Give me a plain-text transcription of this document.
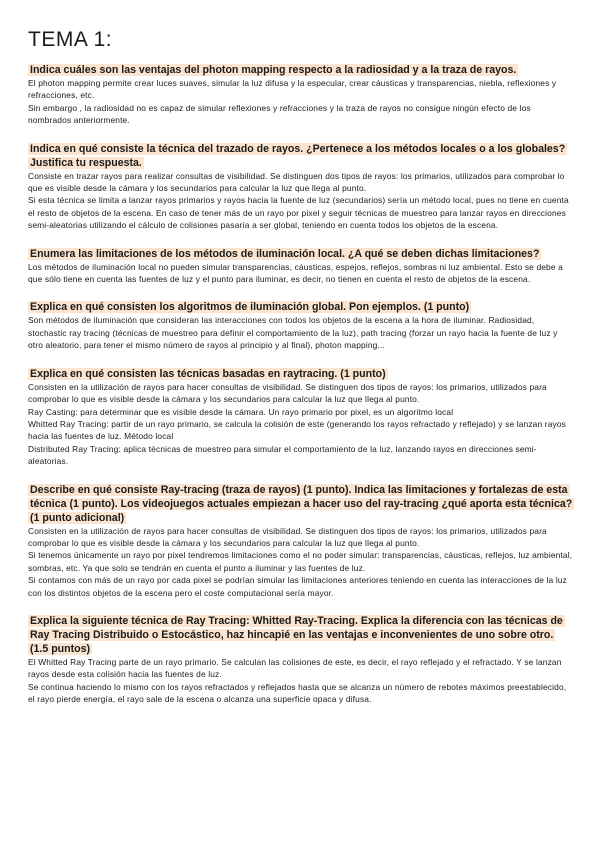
TEMA 1:

Indica cuáles son las ventajas del photon mapping respecto a la radiosidad y a la traza de rayos.

El photon mapping permite crear luces suaves, simular la luz difusa y la especular, crear cáusticas y transparencias, niebla, reflexiones y refracciones, etc.

Sin embargo , la radiosidad no es capaz de simular reflexiones y refracciones y la traza de rayos no consigue ningún efecto de los nombrados anteriormente.

Indica en qué consiste la técnica del trazado de rayos. ¿Pertenece a los métodos locales o a los globales? Justifica tu respuesta.

Consiste en trazar rayos para realizar consultas de visibilidad. Se distinguen dos tipos de rayos: los primarios, utilizados para comprobar lo que es visible desde la cámara y los secundarios para calcular la luz que llega al punto.

Si esta técnica se limita a lanzar rayos primarios y rayos hacia la fuente de luz (secundarios) sería un método local, pues no tiene en cuenta el resto de objetos de la escena. En caso de tener más de un rayo por pixel y seguir técnicas de muestreo para lanzar rayos en direcciones semi-aleatorias utilizando el cálculo de colisiones pasaría a ser global, teniendo en cuenta todos los objetos de la escena.

Enumera las limitaciones de los métodos de iluminación local. ¿A qué se deben dichas limitaciones?

Los métodos de iluminación local no pueden simular transparencias, cáusticas, espejos, reflejos, sombras ni luz ambiental. Esto se debe a que sólo tiene en cuenta las fuentes de luz y el punto para iluminar, es decir, no tienen en cuenta el resto de objetos de la escena.

Explica en qué consisten los algoritmos de iluminación global. Pon ejemplos. (1 punto)

Son métodos de iluminación que consideran las interacciones con todos los objetos de la escena a la hora de iluminar. Radiosidad, stochastic ray tracing (técnicas de muestreo para definir el comportamiento de la luz), path tracing (forzar un rayo hacia la fuente de luz y otro aleatorio, para tener el mismo número de rayos al principio y al final), photon mapping...

Explica en qué consisten las técnicas basadas en raytracing. (1 punto)

Consisten en la utilización de rayos para hacer consultas de visibilidad. Se distinguen dos tipos de rayos: los primarios, utilizados para comprobar lo que es visible desde la cámara y los secundarios para calcular la luz que llega al punto.

Ray Casting: para determinar que es visible desde la cámara. Un rayo primario por pixel, es un algoritmo local

Whitted Ray Tracing: partir de un rayo primario, se calcula la colisión de este (generando los rayos refractado y reflejado) y se lanzan rayos hacia las fuentes de luz. Método local

Distributed Ray Tracing: aplica técnicas de muestreo para simular el comportamiento de la luz, lanzando rayos en direcciones semi-aleatorias.

Describe en qué consiste Ray-tracing (traza de rayos) (1 punto). Indica las limitaciones y fortalezas de esta técnica (1 punto). Los videojuegos actuales empiezan a hacer uso del ray-tracing ¿qué aporta esta técnica? (1 punto adicional)

Consisten en la utilización de rayos para hacer consultas de visibilidad. Se distinguen dos tipos de rayos: los primarios, utilizados para comprobar lo que es visible desde la cámara y los secundarios para calcular la luz que llega al punto.

Si tenemos únicamente un rayo por pixel tendremos limitaciones como el no poder simular: transparencias, cáusticas, reflejos, luz ambiental, sombras, etc. Ya que solo se tendrán en cuenta el punto a iluminar y las fuentes de luz.

Si contamos con más de un rayo por cada pixel se podrían simular las limitaciones anteriores teniendo en cuenta las interacciones de la luz con los distintos objetos de la escena pero el coste computacional sería mayor.

Explica la siguiente técnica de Ray Tracing: Whitted Ray-Tracing. Explica la diferencia con las técnicas de Ray Tracing Distribuido o Estocástico, haz hincapié en las ventajas e inconvenientes de uno sobre otro. (1.5 puntos)

El Whitted Ray Tracing parte de un rayo primario. Se calculan las colisiones de este, es decir, el rayo reflejado y el refractado. Y se lanzan rayos desde esta colisión hacia las fuentes de luz.

Se continua haciendo lo mismo con los rayos refractados y reflejados hasta que se alcanza un número de rebotes máximos preestablecido, el rayo pierde energía, el rayo sale de la escena o alcanza una superficie opaca y difusa.
